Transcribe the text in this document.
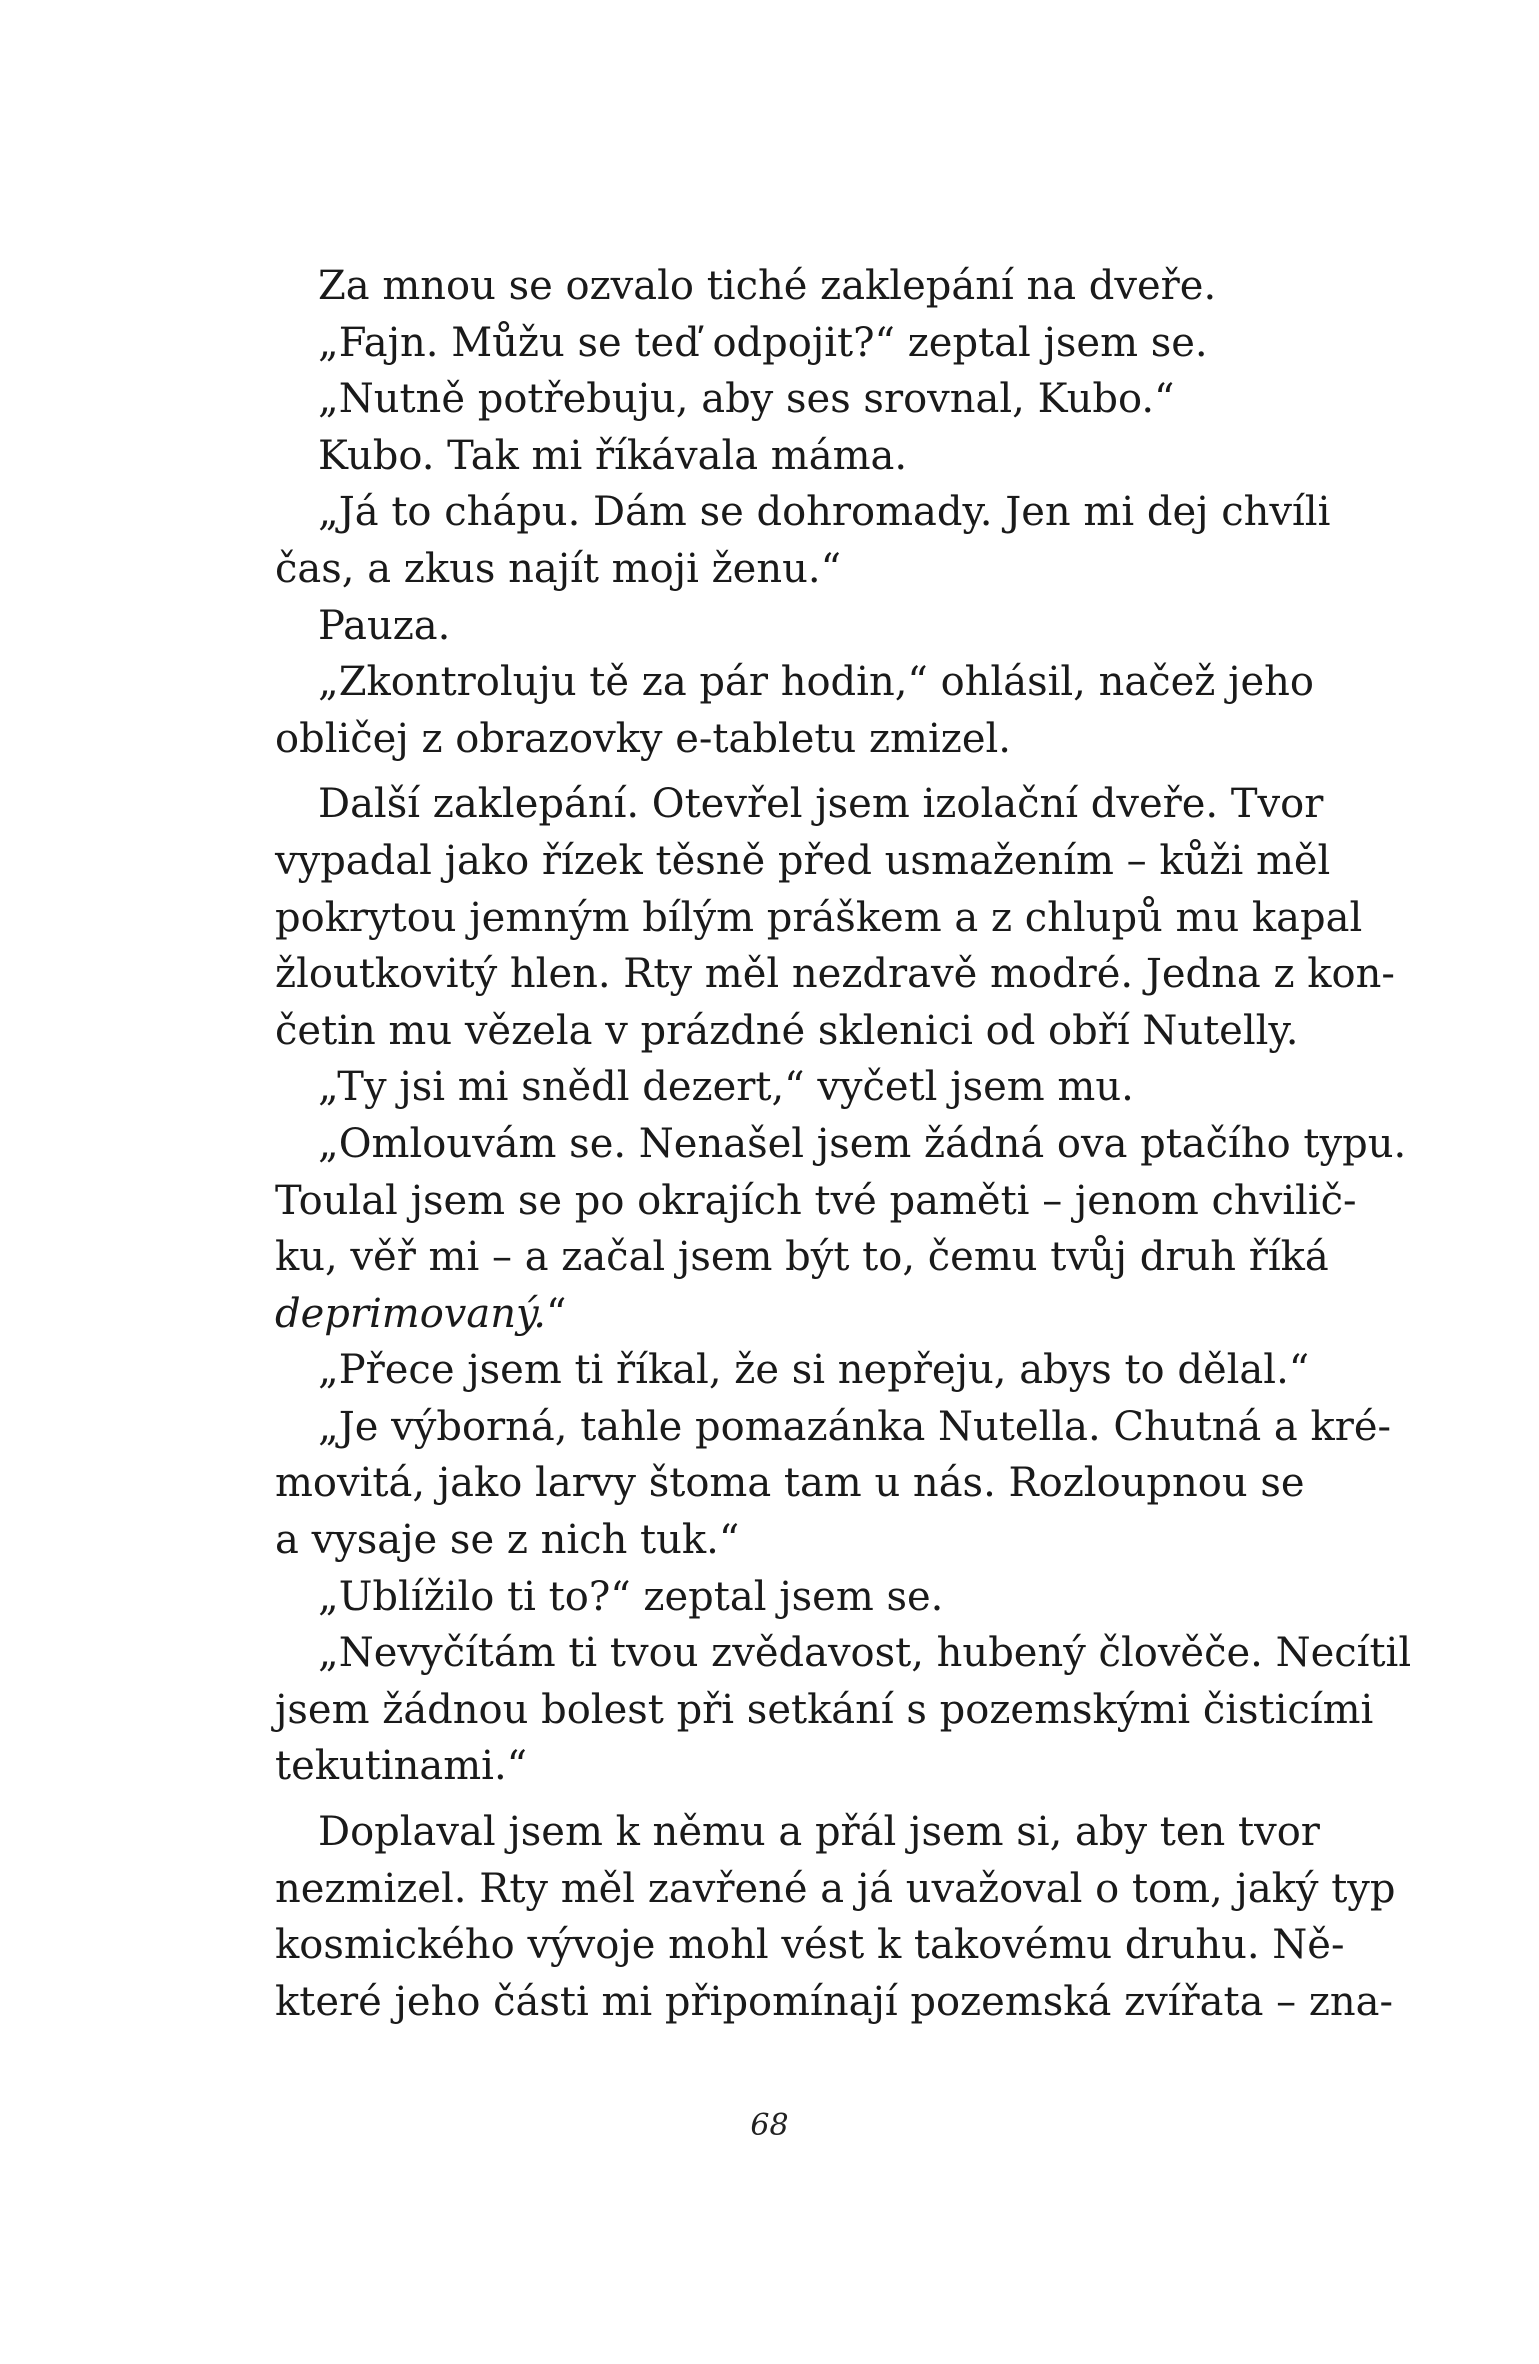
Za mnou se ozvalo tiché zaklepání na dveře.
„Fajn. Můžu se teď odpojit?“ zeptal jsem se.
„Nutně potřebuju, aby ses srovnal, Kubo.“
Kubo. Tak mi říkávala máma.
„Já to chápu. Dám se dohromady. Jen mi dej chvíli
čas, a zkus najít moji ženu.“
Pauza.
„Zkontroluju tě za pár hodin,“ ohlásil, načež jeho
obličej z obrazovky e-tabletu zmizel.
Další zaklepání. Otevřel jsem izolační dveře. Tvor
vypadal jako řízek těsně před usmažením – kůži měl
pokrytou jemným bílým práškem a z chlupů mu kapal
žloutkovitý hlen. Rty měl nezdravě modré. Jedna z kon-
četin mu vězela v prázdné sklenici od obří Nutelly.
„Ty jsi mi snědl dezert,“ vyčetl jsem mu.
„Omlouvám se. Nenašel jsem žádná ova ptačího typu.
Toulal jsem se po okrajích tvé paměti – jenom chvilič-
ku, věř mi – a začal jsem být to, čemu tvůj druh říká
deprimovaný.“
„Přece jsem ti říkal, že si nepřeju, abys to dělal.“
„Je výborná, tahle pomazánka Nutella. Chutná a kré-
movitá, jako larvy štoma tam u nás. Rozloupnou se
a vysaje se z nich tuk.“
„Ublížilo ti to?“ zeptal jsem se.
„Nevyčítám ti tvou zvědavost, hubený člověče. Necítil
jsem žádnou bolest při setkání s pozemskými čisticími
tekutinami.“
Doplaval jsem k němu a přál jsem si, aby ten tvor
nezmizel. Rty měl zavřené a já uvažoval o tom, jaký typ
kosmického vývoje mohl vést k takovému druhu. Ně-
které jeho části mi připomínají pozemská zvířata – zna-
68
